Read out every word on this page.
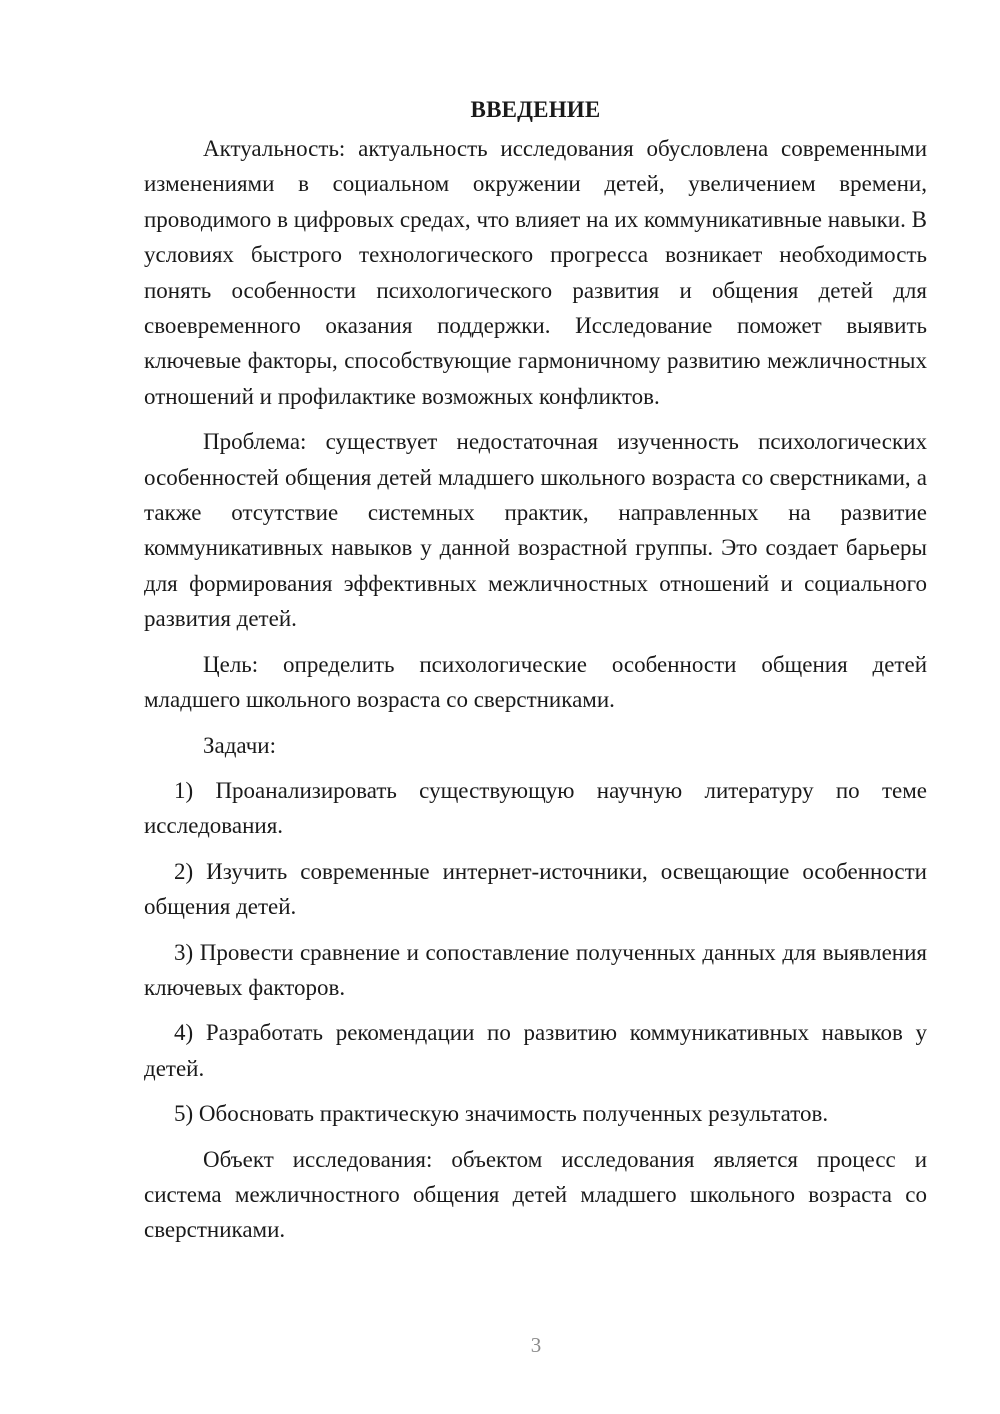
ВВЕДЕНИЕ

Актуальность: актуальность исследования обусловлена современными изменениями в социальном окружении детей, увеличением времени, проводимого в цифровых средах, что влияет на их коммуникативные навыки. В условиях быстрого технологического прогресса возникает необходимость понять особенности психологического развития и общения детей для своевременного оказания поддержки. Исследование поможет выявить ключевые факторы, способствующие гармоничному развитию межличностных отношений и профилактике возможных конфликтов.

Проблема: существует недостаточная изученность психологических особенностей общения детей младшего школьного возраста со сверстниками, а также отсутствие системных практик, направленных на развитие коммуникативных навыков у данной возрастной группы. Это создает барьеры для формирования эффективных межличностных отношений и социального развития детей.

Цель: определить психологические особенности общения детей младшего школьного возраста со сверстниками.

Задачи:

1) Проанализировать существующую научную литературу по теме исследования.

2) Изучить современные интернет-источники, освещающие особенности общения детей.

3) Провести сравнение и сопоставление полученных данных для выявления ключевых факторов.

4) Разработать рекомендации по развитию коммуникативных навыков у детей.

5) Обосновать практическую значимость полученных результатов.

Объект исследования: объектом исследования является процесс и система межличностного общения детей младшего школьного возраста со сверстниками.

3
